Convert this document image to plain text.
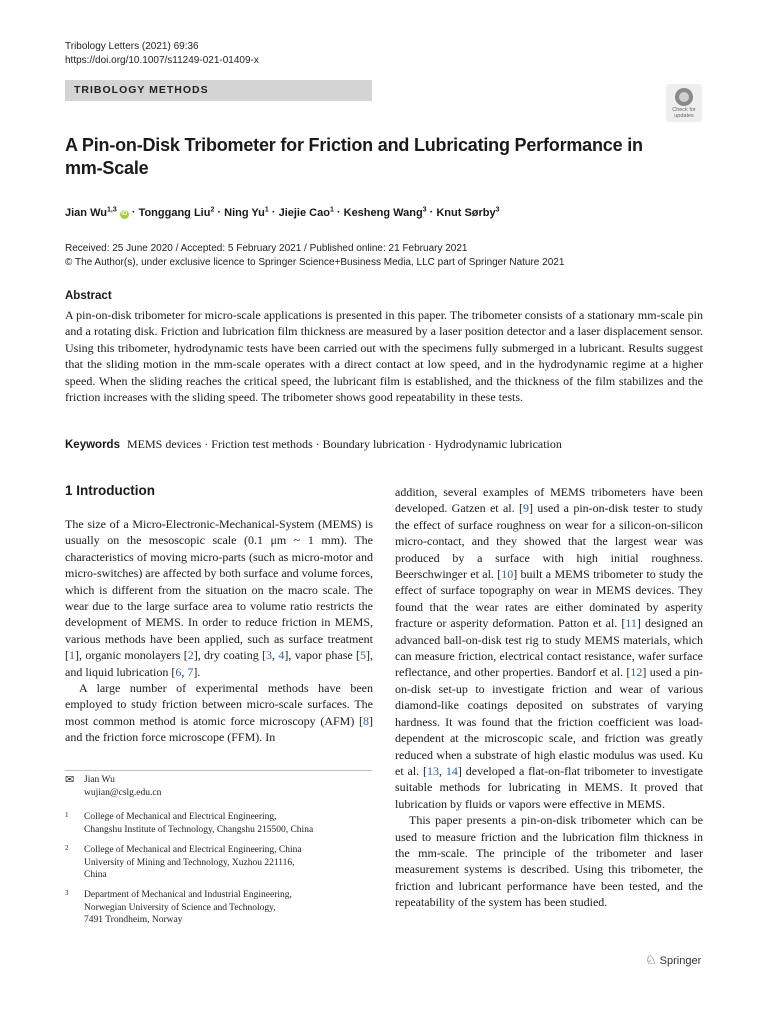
Tribology Letters (2021) 69:36
https://doi.org/10.1007/s11249-021-01409-x
TRIBOLOGY METHODS
Check for updates
A Pin-on-Disk Tribometer for Friction and Lubricating Performance in mm-Scale
Jian Wu$^{1,3}$ iD · Tonggang Liu$^2$ · Ning $Yu^1$ · Jiejie Cao$^1$ · Kesheng Wang$^3$ · Knut Sørby$^3$
Received: 25 June 2020 / Accepted: 5 February 2021 / Published online: 21 February 2021
© The Author(s), under exclusive licence to Springer Science+Business Media, LLC part of Springer Nature 2021
Abstract
A pin-on-disk tribometer for micro-scale applications is presented in this paper. The tribometer consists of a stationary mm-scale pin and a rotating disk. Friction and lubrication film thickness are measured by a laser position detector and a laser displacement sensor. Using this tribometer, hydrodynamic tests have been carried out with the specimens fully submerged in a lubricant. Results suggest that the sliding motion in the mm-scale operates with a direct contact at low speed, and in the hydrodynamic regime at a higher speed. When the sliding reaches the critical speed, the lubricant film is established, and the thickness of the film stabilizes and the friction increases with the sliding speed. The tribometer shows good repeatability in these tests.
Keywords MEMS devices · Friction test methods · Boundary lubrication · Hydrodynamic lubrication
1 Introduction

The size of a Micro-Electronic-Mechanical-System (MEMS) is usually on the mesoscopic scale (0.1 μm ~ 1 mm). The characteristics of moving micro-parts (such as micro-motor and micro-switches) are affected by both surface and volume forces, which is different from the situation on the macro scale. The wear due to the large surface area to volume ratio restricts the development of MEMS. In order to reduce friction in MEMS, various methods have been applied, such as surface treatment [1], organic monolayers [2], dry coating [3, 4], vapor phase [5], and liquid lubrication [6, 7].

A large number of experimental methods have been employed to study friction between micro-scale surfaces. The most common method is atomic force microscopy (AFM) [8] and the friction force microscope (FFM). In

addition, several examples of MEMS tribometers have been developed. Gatzen et al. [9] used a pin-on-disk tester to study the effect of surface roughness on wear for a silicon-on-silicon micro-contact, and they showed that the largest wear was produced by a surface with high initial roughness. Beerschwinger et al. [10] built a MEMS tribometer to study the effect of surface topography on wear in MEMS devices. They found that the wear rates are either dominated by asperity fracture or asperity deformation. Patton et al. [11] designed an advanced ball-on-disk test rig to study MEMS materials, which can measure friction, electrical contact resistance, wafer surface reflectance, and other properties. Bandorf et al. [12] used a pin-on-disk set-up to investigate friction and wear of various diamond-like coatings deposited on substrates of varying hardness. It was found that the friction coefficient was load-dependent at the microscopic scale, and friction was greatly reduced when a substrate of high elastic modulus was used. Ku et al. [13, 14] developed a flat-on-flat tribometer to investigate suitable methods for lubricating in MEMS. It proved that lubrication by fluids or vapors were effective in MEMS.

This paper presents a pin-on-disk tribometer which can be used to measure friction and the lubrication film thickness in the mm-scale. The principle of the tribometer and laser measurement systems is described. Using this tribometer, the friction and lubricant performance have been tested, and the repeatability of the system has been studied.

✉ Jian Wu
wujian@cslg.edu.cn
1 College of Mechanical and Electrical Engineering,
Changshu Institute of Technology, Changshu 215500, China
2 College of Mechanical and Electrical Engineering, China
University of Mining and Technology, Xuzhou 221116,
China
3 Department of Mechanical and Industrial Engineering,
Norwegian University of Science and Technology,
7491 Trondheim, Norway
♘ Springer
